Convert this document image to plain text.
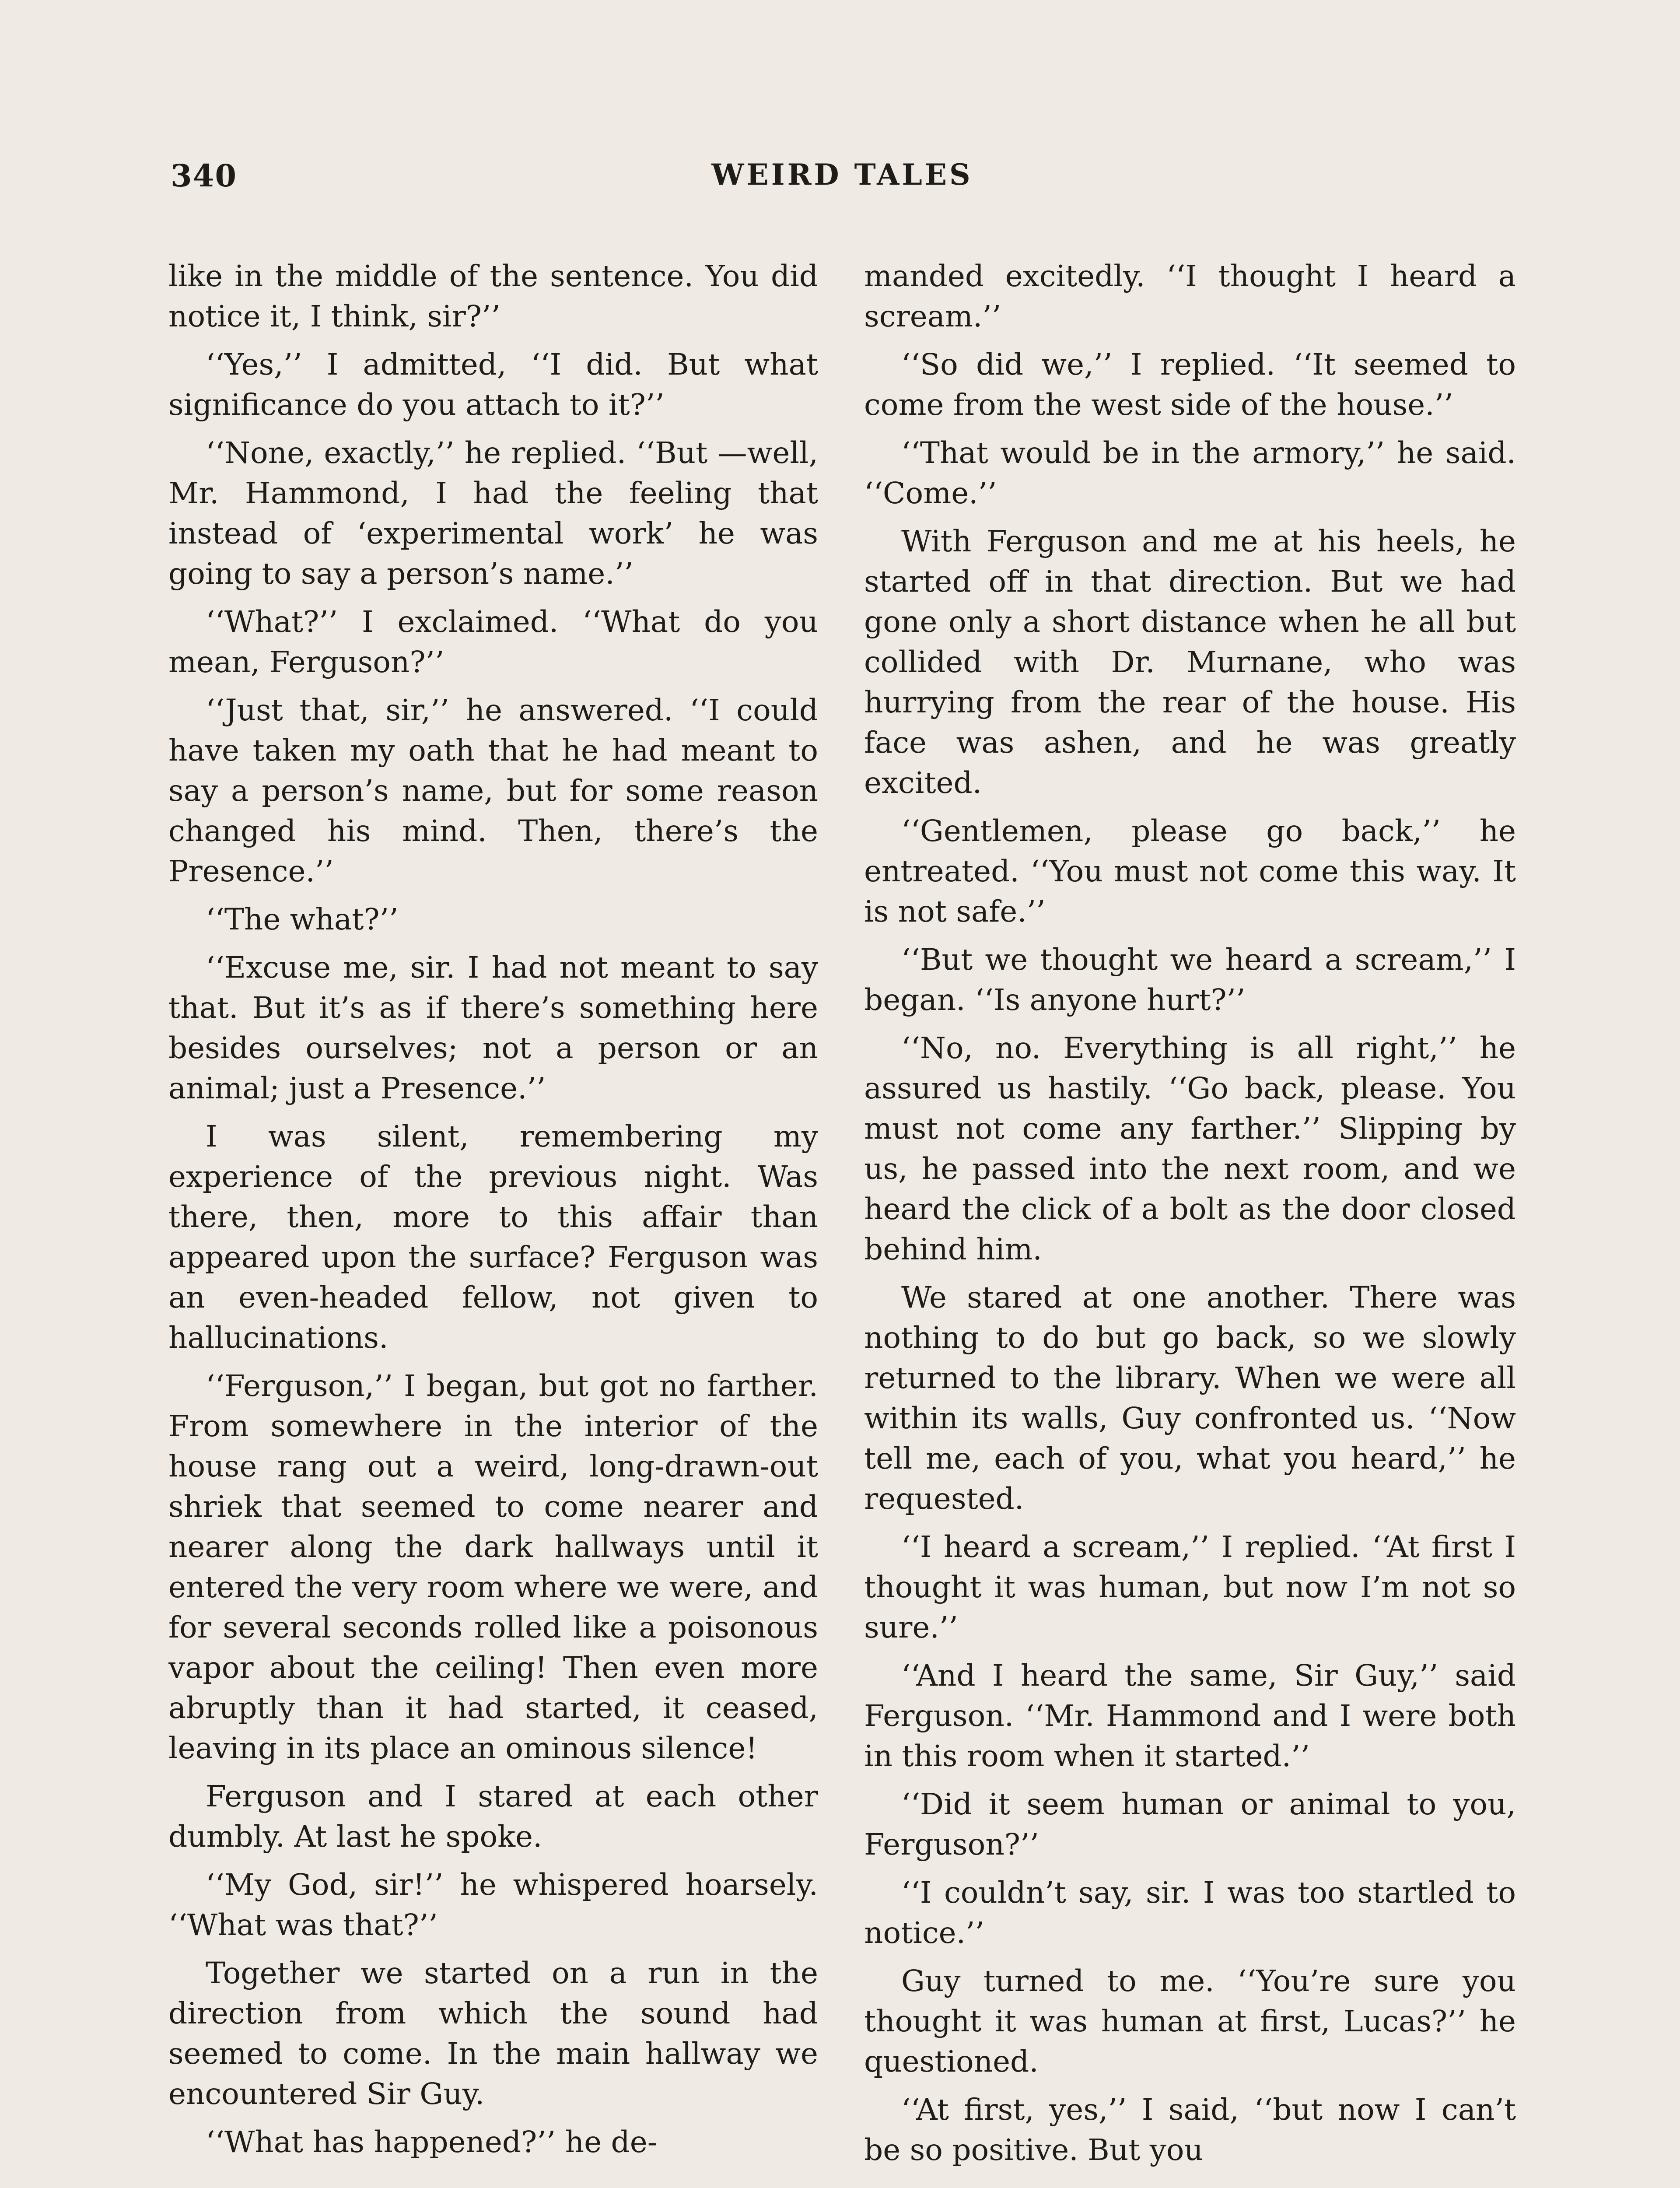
340	WEIRD TALES

like in the middle of the sentence. You did notice it, I think, sir?’’

‘‘Yes,’’ I admitted, ‘‘I did. But what significance do you attach to it?’’

‘‘None, exactly,’’ he replied. ‘‘But —well, Mr. Hammond, I had the feeling that instead of ‘experimental work’ he was going to say a person’s name.’’

‘‘What?’’ I exclaimed. ‘‘What do you mean, Ferguson?’’

‘‘Just that, sir,’’ he answered. ‘‘I could have taken my oath that he had meant to say a person’s name, but for some reason changed his mind. Then, there’s the Presence.’’

‘‘The what?’’

‘‘Excuse me, sir. I had not meant to say that. But it’s as if there’s something here besides ourselves; not a person or an animal; just a Presence.’’

I was silent, remembering my experience of the previous night. Was there, then, more to this affair than appeared upon the surface? Ferguson was an even-headed fellow, not given to hallucinations.

‘‘Ferguson,’’ I began, but got no farther. From somewhere in the interior of the house rang out a weird, long-drawn-out shriek that seemed to come nearer and nearer along the dark hallways until it entered the very room where we were, and for several seconds rolled like a poisonous vapor about the ceiling! Then even more abruptly than it had started, it ceased, leaving in its place an ominous silence!

Ferguson and I stared at each other dumbly. At last he spoke.

‘‘My God, sir!’’ he whispered hoarsely. ‘‘What was that?’’

Together we started on a run in the direction from which the sound had seemed to come. In the main hallway we encountered Sir Guy.

‘‘What has happened?’’ he de-

manded excitedly. ‘‘I thought I heard a scream.’’

‘‘So did we,’’ I replied. ‘‘It seemed to come from the west side of the house.’’

‘‘That would be in the armory,’’ he said. ‘‘Come.’’

With Ferguson and me at his heels, he started off in that direction. But we had gone only a short distance when he all but collided with Dr. Murnane, who was hurrying from the rear of the house. His face was ashen, and he was greatly excited.

‘‘Gentlemen, please go back,’’ he entreated. ‘‘You must not come this way. It is not safe.’’

‘‘But we thought we heard a scream,’’ I began. ‘‘Is anyone hurt?’’

‘‘No, no. Everything is all right,’’ he assured us hastily. ‘‘Go back, please. You must not come any farther.’’ Slipping by us, he passed into the next room, and we heard the click of a bolt as the door closed behind him.

We stared at one another. There was nothing to do but go back, so we slowly returned to the library. When we were all within its walls, Guy confronted us. ‘‘Now tell me, each of you, what you heard,’’ he requested.

‘‘I heard a scream,’’ I replied. ‘‘At first I thought it was human, but now I’m not so sure.’’

‘‘And I heard the same, Sir Guy,’’ said Ferguson. ‘‘Mr. Hammond and I were both in this room when it started.’’

‘‘Did it seem human or animal to you, Ferguson?’’

‘‘I couldn’t say, sir. I was too startled to notice.’’

Guy turned to me. ‘‘You’re sure you thought it was human at first, Lucas?’’ he questioned.

‘‘At first, yes,’’ I said, ‘‘but now I can’t be so positive. But you
